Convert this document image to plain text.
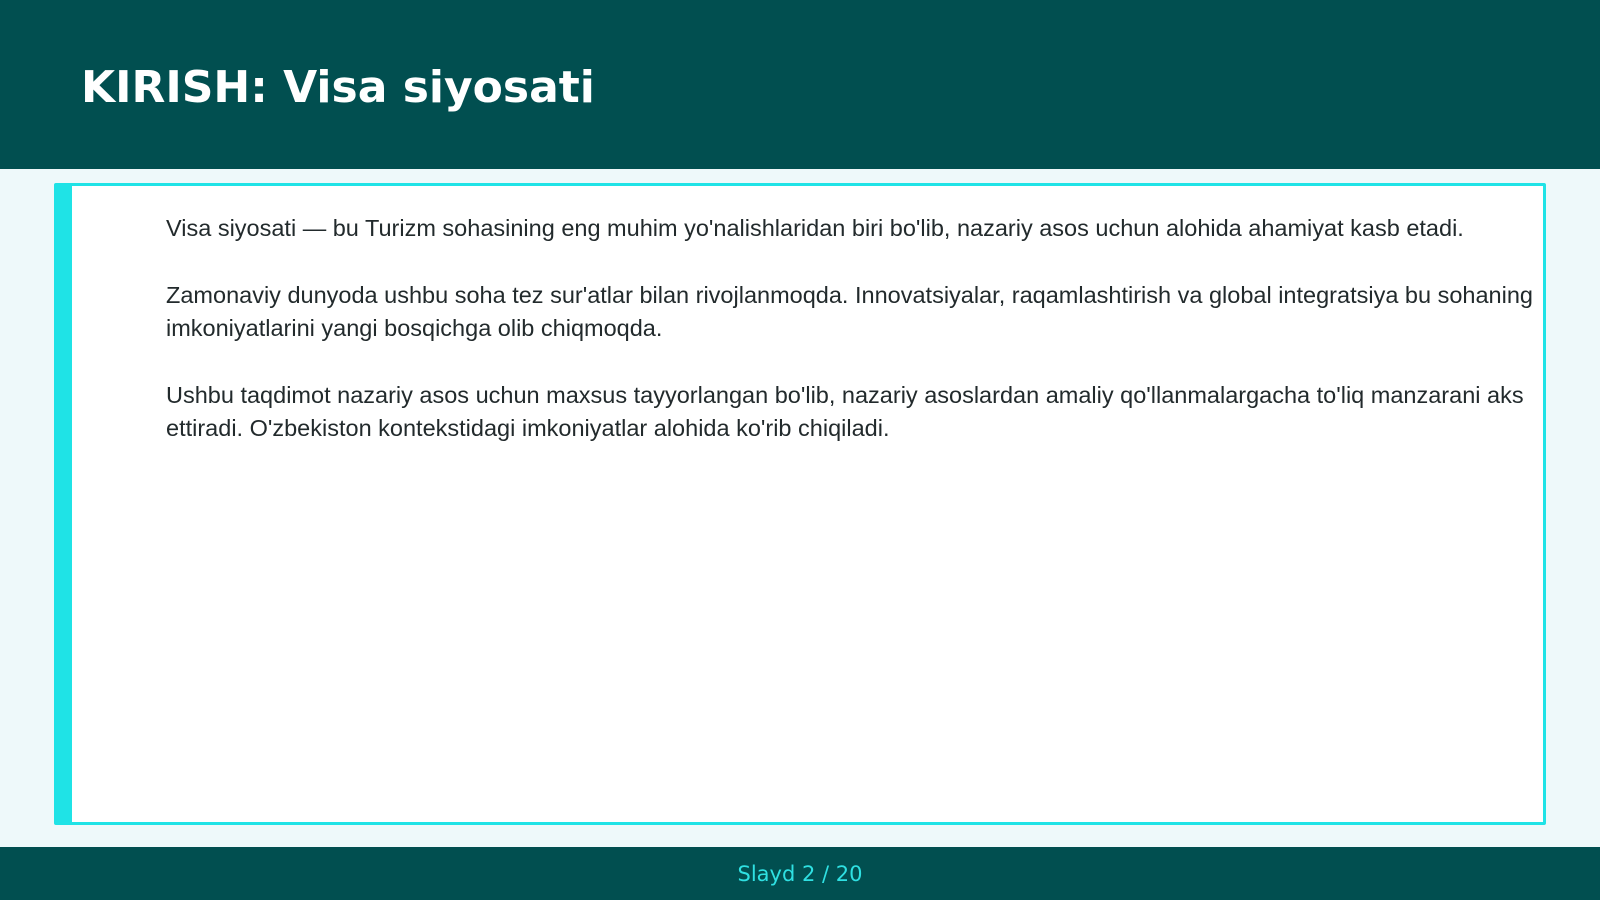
KIRISH: Visa siyosati

Visa siyosati — bu Turizm sohasining eng muhim yo'nalishlaridan biri bo'lib, nazariy asos uchun alohida ahamiyat kasb etadi.

Zamonaviy dunyoda ushbu soha tez sur'atlar bilan rivojlanmoqda. Innovatsiyalar, raqamlashtirish va global integratsiya bu sohaning imkoniyatlarini yangi bosqichga olib chiqmoqda.

Ushbu taqdimot nazariy asos uchun maxsus tayyorlangan bo'lib, nazariy asoslardan amaliy qo'llanmalargacha to'liq manzarani aks ettiradi. O'zbekiston kontekstidagi imkoniyatlar alohida ko'rib chiqiladi.

Slayd 2 / 20
